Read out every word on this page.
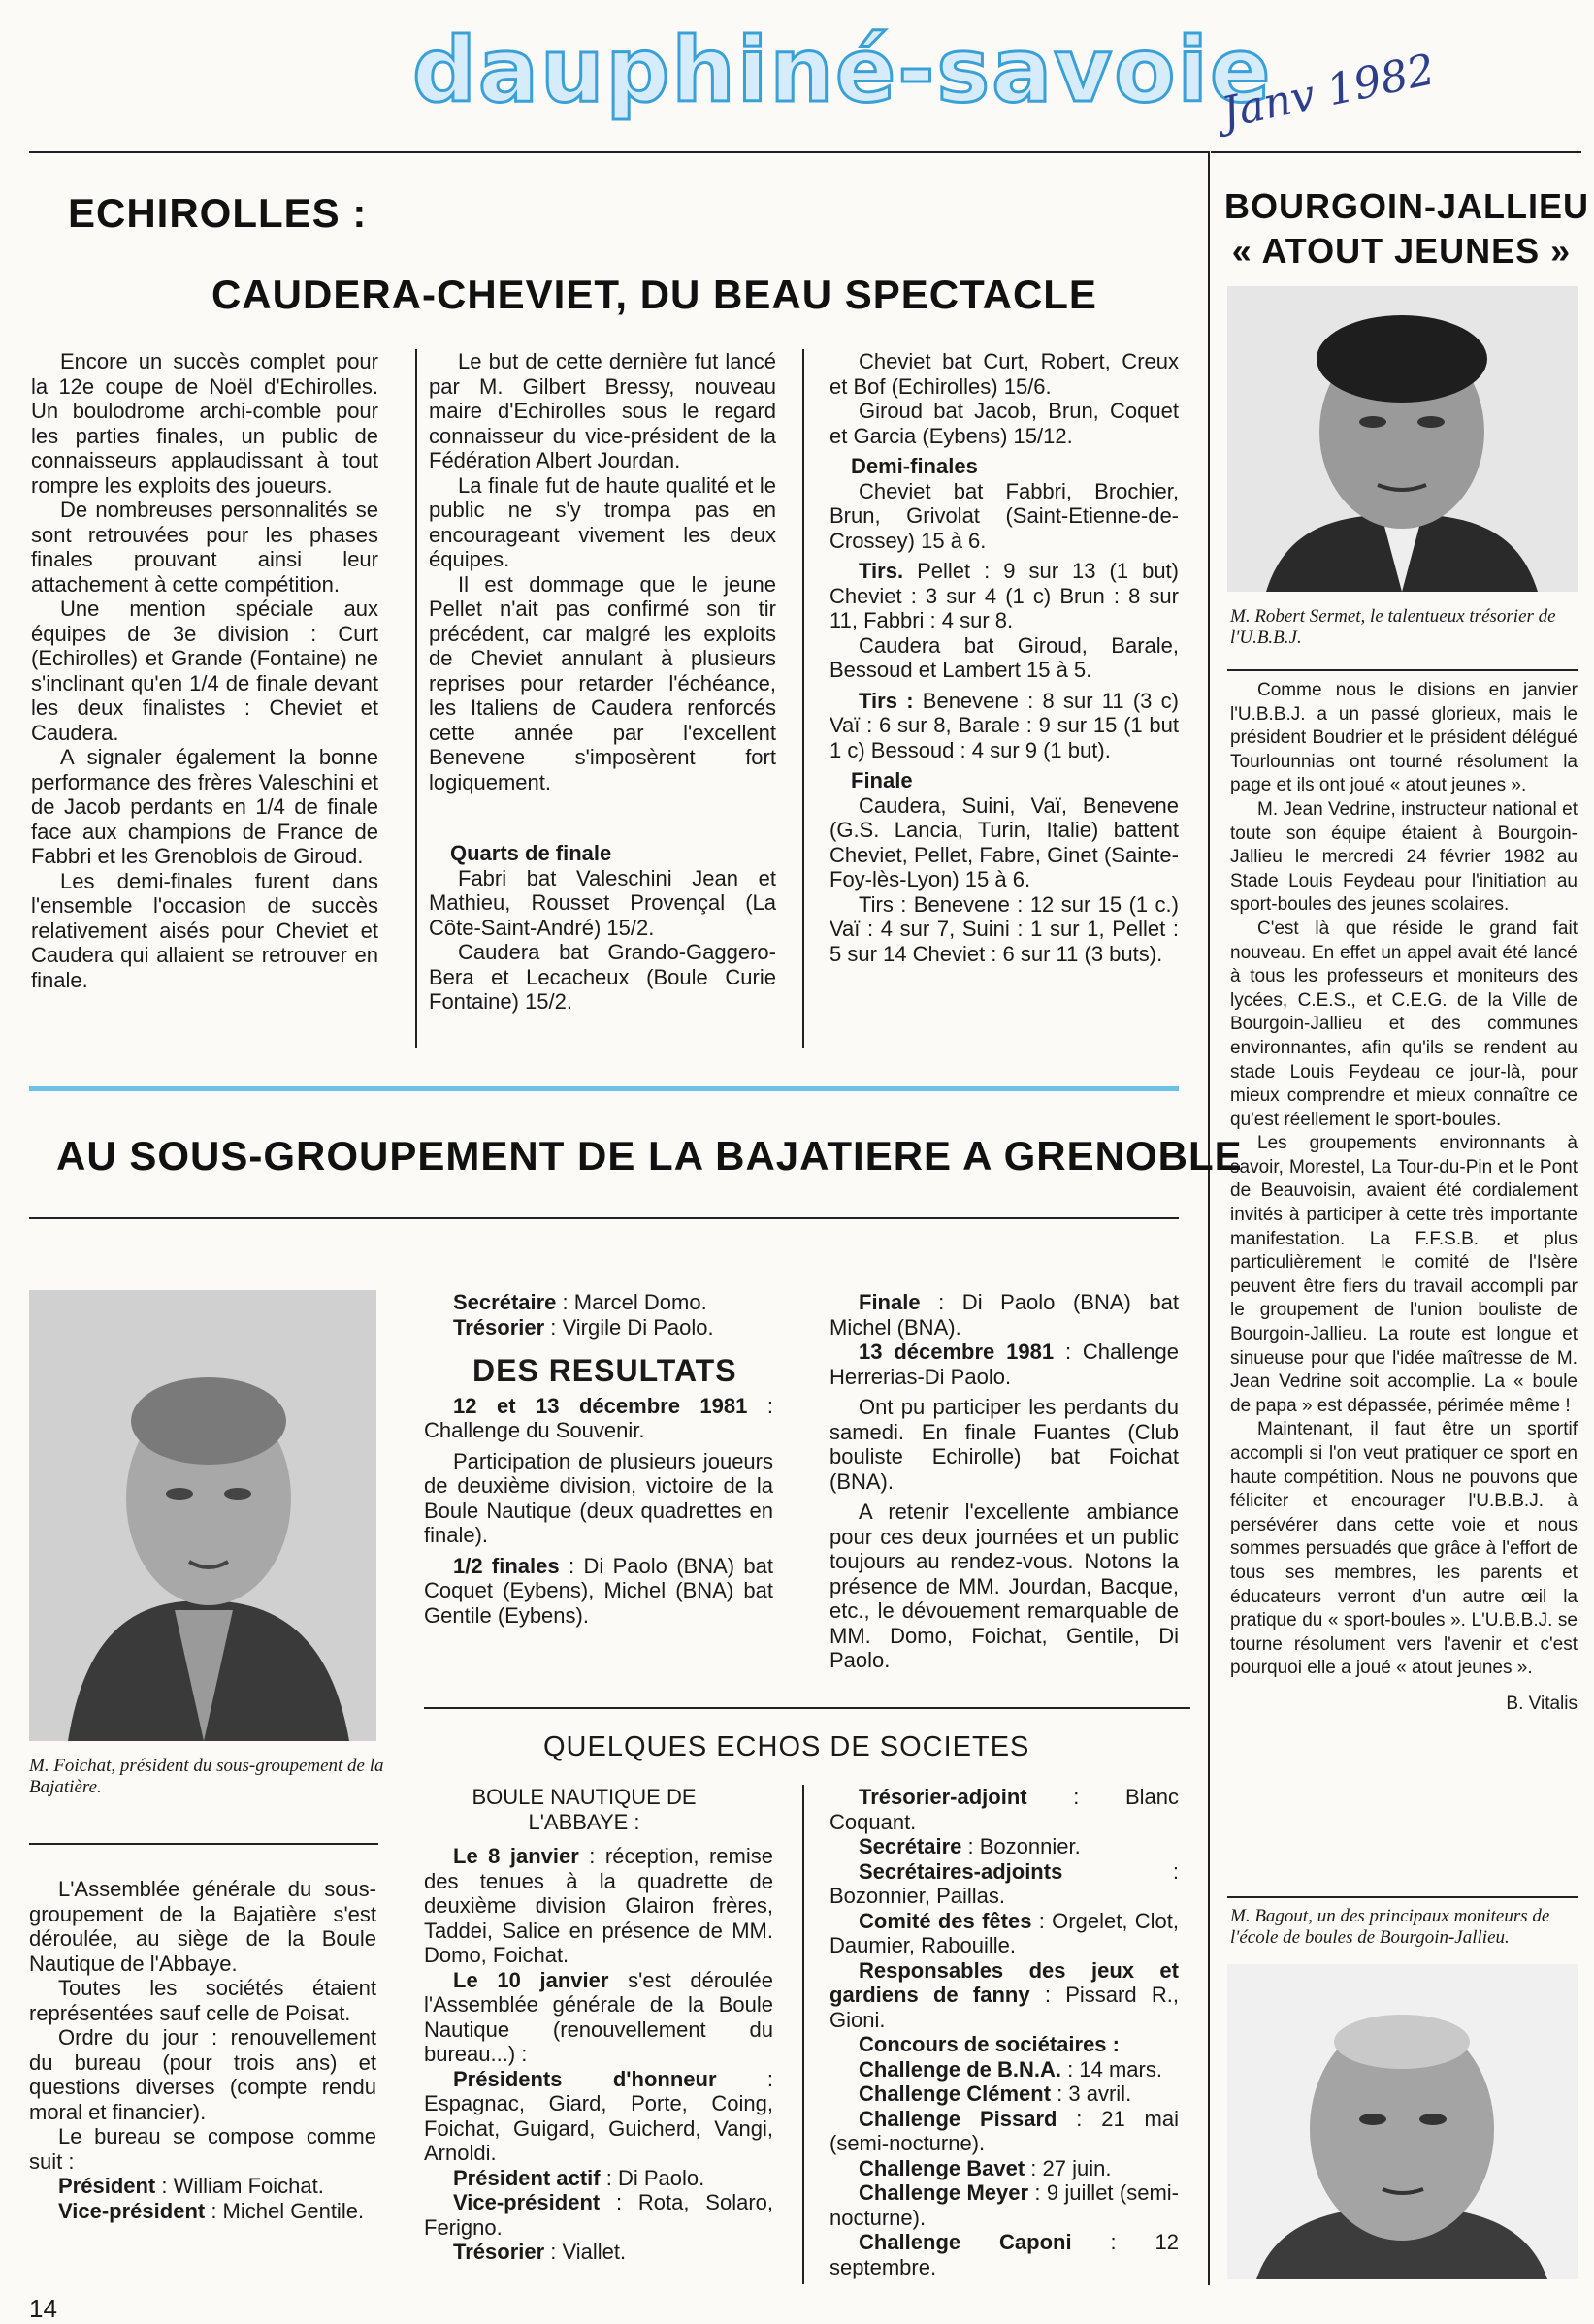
dauphiné-savoie
Janv 1982
ECHIROLLES :
CAUDERA-CHEVIET, DU BEAU SPECTACLE

Encore un succès complet pour la 12e coupe de Noël d'Echirolles. Un boulodrome archi-comble pour les parties finales, un public de connaisseurs applaudissant à tout rompre les exploits des joueurs.

De nombreuses personnalités se sont retrouvées pour les phases finales prouvant ainsi leur attachement à cette compétition.

Une mention spéciale aux équipes de 3e division : Curt (Echirolles) et Grande (Fontaine) ne s'inclinant qu'en 1/4 de finale devant les deux finalistes : Cheviet et Caudera.

A signaler également la bonne performance des frères Valeschini et de Jacob perdants en 1/4 de finale face aux champions de France de Fabbri et les Grenoblois de Giroud.

Les demi-finales furent dans l'ensemble l'occasion de succès relativement aisés pour Cheviet et Caudera qui allaient se retrouver en finale.

Le but de cette dernière fut lancé par M. Gilbert Bressy, nouveau maire d'Echirolles sous le regard connaisseur du vice-président de la Fédération Albert Jourdan.

La finale fut de haute qualité et le public ne s'y trompa pas en encourageant vivement les deux équipes.

Il est dommage que le jeune Pellet n'ait pas confirmé son tir précédent, car malgré les exploits de Cheviet annulant à plusieurs reprises pour retarder l'échéance, les Italiens de Caudera renforcés cette année par l'excellent Benevene s'imposèrent fort logiquement.

Quarts de finale

Fabri bat Valeschini Jean et Mathieu, Rousset Provençal (La Côte-Saint-André) 15/2.

Caudera bat Grando-Gaggero-Bera et Lecacheux (Boule Curie Fontaine) 15/2.

Cheviet bat Curt, Robert, Creux et Bof (Echirolles) 15/6.

Giroud bat Jacob, Brun, Coquet et Garcia (Eybens) 15/12.

Demi-finales

Cheviet bat Fabbri, Brochier, Brun, Grivolat (Saint-Etienne-de-Crossey) 15 à 6.

Tirs. Pellet : 9 sur 13 (1 but) Cheviet : 3 sur 4 (1 c) Brun : 8 sur 11, Fabbri : 4 sur 8.

Caudera bat Giroud, Barale, Bessoud et Lambert 15 à 5.

Tirs : Benevene : 8 sur 11 (3 c) Vaï : 6 sur 8, Barale : 9 sur 15 (1 but 1 c) Bessoud : 4 sur 9 (1 but).

Finale

Caudera, Suini, Vaï, Benevene (G.S. Lancia, Turin, Italie) battent Cheviet, Pellet, Fabre, Ginet (Sainte-Foy-lès-Lyon) 15 à 6.

Tirs : Benevene : 12 sur 15 (1 c.) Vaï : 4 sur 7, Suini : 1 sur 1, Pellet : 5 sur 14 Cheviet : 6 sur 11 (3 buts).

AU SOUS-GROUPEMENT DE LA BAJATIERE A GRENOBLE
M. Foichat, président du sous-groupement de la Bajatière.

L'Assemblée générale du sous-groupement de la Bajatière s'est déroulée, au siège de la Boule Nautique de l'Abbaye.

Toutes les sociétés étaient représentées sauf celle de Poisat.

Ordre du jour : renouvellement du bureau (pour trois ans) et questions diverses (compte rendu moral et financier).

Le bureau se compose comme suit :

Président : William Foichat.

Vice-président : Michel Gentile.

Secrétaire : Marcel Domo.

Trésorier : Virgile Di Paolo.

DES RESULTATS

12 et 13 décembre 1981 : Challenge du Souvenir.

Participation de plusieurs joueurs de deuxième division, victoire de la Boule Nautique (deux quadrettes en finale).

1/2 finales : Di Paolo (BNA) bat Coquet (Eybens), Michel (BNA) bat Gentile (Eybens).

Finale : Di Paolo (BNA) bat Michel (BNA).

13 décembre 1981 : Challenge Herrerias-Di Paolo.

Ont pu participer les perdants du samedi. En finale Fuantes (Club bouliste Echirolle) bat Foichat (BNA).

A retenir l'excellente ambiance pour ces deux journées et un public toujours au rendez-vous. Notons la présence de MM. Jourdan, Bacque, etc., le dévouement remarquable de MM. Domo, Foichat, Gentile, Di Paolo.

QUELQUES ECHOS DE SOCIETES

BOULE NAUTIQUE DE L'ABBAYE :

Le 8 janvier : réception, remise des tenues à la quadrette de deuxième division Glairon frères, Taddei, Salice en présence de MM. Domo, Foichat.

Le 10 janvier s'est déroulée l'Assemblée générale de la Boule Nautique (renouvellement du bureau...) :

Présidents d'honneur : Espagnac, Giard, Porte, Coing, Foichat, Guigard, Guicherd, Vangi, Arnoldi.

Président actif : Di Paolo.

Vice-président : Rota, Solaro, Ferigno.

Trésorier : Viallet.

Trésorier-adjoint : Blanc Coquant.

Secrétaire : Bozonnier.

Secrétaires-adjoints : Bozonnier, Paillas.

Comité des fêtes : Orgelet, Clot, Daumier, Rabouille.

Responsables des jeux et gardiens de fanny : Pissard R., Gioni.

Concours de sociétaires :

Challenge de B.N.A. : 14 mars.

Challenge Clément : 3 avril.

Challenge Pissard : 21 mai (semi-nocturne).

Challenge Bavet : 27 juin.

Challenge Meyer : 9 juillet (semi-nocturne).

Challenge Caponi : 12 septembre.

BOURGOIN-JALLIEU
« ATOUT JEUNES »
M. Robert Sermet, le talentueux trésorier de l'U.B.B.J.

Comme nous le disions en janvier l'U.B.B.J. a un passé glorieux, mais le président Boudrier et le président délégué Tourlounnias ont tourné résolument la page et ils ont joué « atout jeunes ».

M. Jean Vedrine, instructeur national et toute son équipe étaient à Bourgoin-Jallieu le mercredi 24 février 1982 au Stade Louis Feydeau pour l'initiation au sport-boules des jeunes scolaires.

C'est là que réside le grand fait nouveau. En effet un appel avait été lancé à tous les professeurs et moniteurs des lycées, C.E.S., et C.E.G. de la Ville de Bourgoin-Jallieu et des communes environnantes, afin qu'ils se rendent au stade Louis Feydeau ce jour-là, pour mieux comprendre et mieux connaître ce qu'est réellement le sport-boules.

Les groupements environnants à savoir, Morestel, La Tour-du-Pin et le Pont de Beauvoisin, avaient été cordialement invités à participer à cette très importante manifestation. La F.F.S.B. et plus particulièrement le comité de l'Isère peuvent être fiers du travail accompli par le groupement de l'union bouliste de Bourgoin-Jallieu. La route est longue et sinueuse pour que l'idée maîtresse de M. Jean Vedrine soit accomplie. La « boule de papa » est dépassée, périmée même !

Maintenant, il faut être un sportif accompli si l'on veut pratiquer ce sport en haute compétition. Nous ne pouvons que féliciter et encourager l'U.B.B.J. à persévérer dans cette voie et nous sommes persuadés que grâce à l'effort de tous ses membres, les parents et éducateurs verront d'un autre œil la pratique du « sport-boules ». L'U.B.B.J. se tourne résolument vers l'avenir et c'est pourquoi elle a joué « atout jeunes ».

B. Vitalis
M. Bagout, un des principaux moniteurs de l'école de boules de Bourgoin-Jallieu.
14
